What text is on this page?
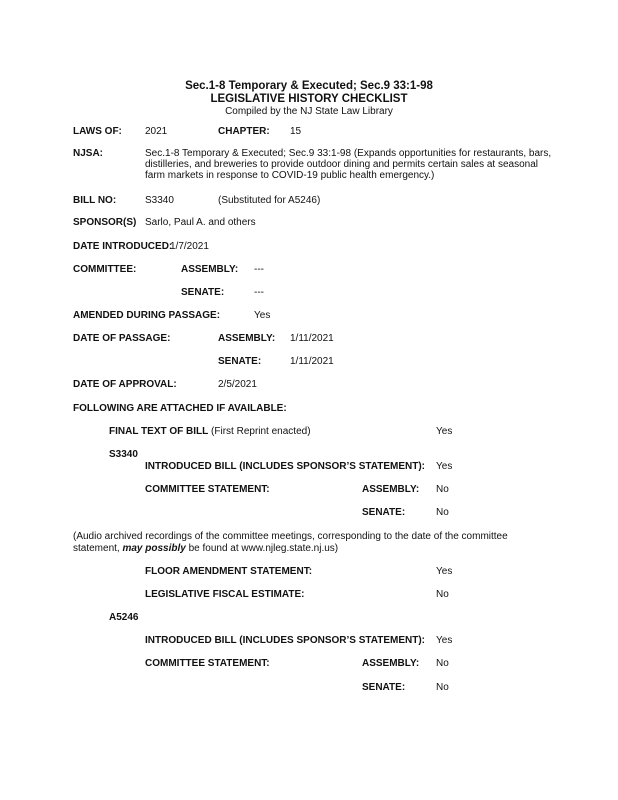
Sec.1-8 Temporary & Executed; Sec.9 33:1-98
LEGISLATIVE HISTORY CHECKLIST
Compiled by the NJ State Law Library
LAWS OF: 2021	CHAPTER: 15
NJSA:	Sec.1-8 Temporary & Executed; Sec.9 33:1-98 (Expands opportunities for restaurants, bars,
distilleries, and breweries to provide outdoor dining and permits certain sales at seasonal
farm markets in response to COVID-19 public health emergency.)
BILL NO:	S3340	(Substituted for A5246)
SPONSOR(S) Sarlo, Paul A. and others
DATE INTRODUCED:
1/7/2021
COMMITTEE:	ASSEMBLY: ---
SENATE:	---
AMENDED DURING PASSAGE:	Yes
DATE OF PASSAGE:	ASSEMBLY: 1/11/2021
SENATE:	1/11/2021
DATE OF APPROVAL:	2/5/2021
FOLLOWING ARE ATTACHED IF AVAILABLE:
FINAL TEXT OF BILL (First Reprint enacted)	Yes
S3340
INTRODUCED BILL (INCLUDES SPONSOR’S STATEMENT): Yes
COMMITTEE STATEMENT:	ASSEMBLY: No
SENATE:	No
(Audio archived recordings of the committee meetings, corresponding to the date of the committee
statement, may possibly be found at www.njleg.state.nj.us)
FLOOR AMENDMENT STATEMENT:	Yes
LEGISLATIVE FISCAL ESTIMATE:	No
A5246
INTRODUCED BILL (INCLUDES SPONSOR’S STATEMENT): Yes
COMMITTEE STATEMENT:	ASSEMBLY: No
SENATE:	No
